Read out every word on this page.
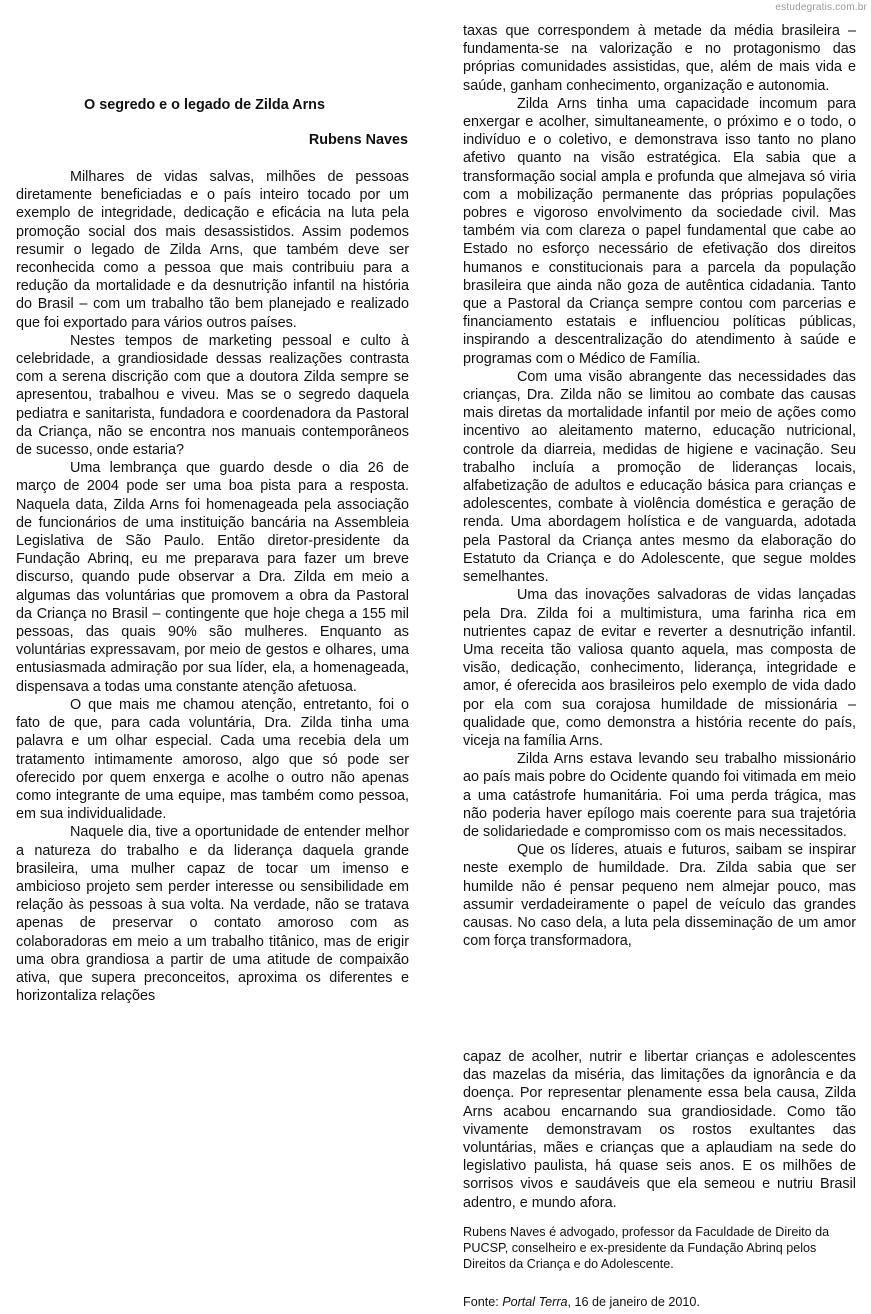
estudegratis.com.br
O segredo e o legado de Zilda Arns
Rubens Naves

Milhares de vidas salvas, milhões de pessoas diretamente beneficiadas e o país inteiro tocado por um exemplo de integridade, dedicação e eficácia na luta pela promoção social dos mais desassistidos. Assim podemos resumir o legado de Zilda Arns, que também deve ser reconhecida como a pessoa que mais contribuiu para a redução da mortalidade e da desnutrição infantil na história do Brasil – com um trabalho tão bem planejado e realizado que foi exportado para vários outros países.

Nestes tempos de marketing pessoal e culto à celebridade, a grandiosidade dessas realizações contrasta com a serena discrição com que a doutora Zilda sempre se apresentou, trabalhou e viveu. Mas se o segredo daquela pediatra e sanitarista, fundadora e coordenadora da Pastoral da Criança, não se encontra nos manuais contemporâneos de sucesso, onde estaria?

Uma lembrança que guardo desde o dia 26 de março de 2004 pode ser uma boa pista para a resposta. Naquela data, Zilda Arns foi homenageada pela associação de funcionários de uma instituição bancária na Assembleia Legislativa de São Paulo. Então diretor-presidente da Fundação Abrinq, eu me preparava para fazer um breve discurso, quando pude observar a Dra. Zilda em meio a algumas das voluntárias que promovem a obra da Pastoral da Criança no Brasil – contingente que hoje chega a 155 mil pessoas, das quais 90% são mulheres. Enquanto as voluntárias expressavam, por meio de gestos e olhares, uma entusiasmada admiração por sua líder, ela, a homenageada, dispensava a todas uma constante atenção afetuosa.

O que mais me chamou atenção, entretanto, foi o fato de que, para cada voluntária, Dra. Zilda tinha uma palavra e um olhar especial. Cada uma recebia dela um tratamento intimamente amoroso, algo que só pode ser oferecido por quem enxerga e acolhe o outro não apenas como integrante de uma equipe, mas também como pessoa, em sua individualidade.

Naquele dia, tive a oportunidade de entender melhor a natureza do trabalho e da liderança daquela grande brasileira, uma mulher capaz de tocar um imenso e ambicioso projeto sem perder interesse ou sensibilidade em relação às pessoas à sua volta. Na verdade, não se tratava apenas de preservar o contato amoroso com as colaboradoras em meio a um trabalho titânico, mas de erigir uma obra grandiosa a partir de uma atitude de compaixão ativa, que supera preconceitos, aproxima os diferentes e horizontaliza relações

taxas que correspondem à metade da média brasileira – fundamenta-se na valorização e no protagonismo das próprias comunidades assistidas, que, além de mais vida e saúde, ganham conhecimento, organização e autonomia.

Zilda Arns tinha uma capacidade incomum para enxergar e acolher, simultaneamente, o próximo e o todo, o indivíduo e o coletivo, e demonstrava isso tanto no plano afetivo quanto na visão estratégica. Ela sabia que a transformação social ampla e profunda que almejava só viria com a mobilização permanente das próprias populações pobres e vigoroso envolvimento da sociedade civil. Mas também via com clareza o papel fundamental que cabe ao Estado no esforço necessário de efetivação dos direitos humanos e constitucionais para a parcela da população brasileira que ainda não goza de autêntica cidadania. Tanto que a Pastoral da Criança sempre contou com parcerias e financiamento estatais e influenciou políticas públicas, inspirando a descentralização do atendimento à saúde e programas com o Médico de Família.

Com uma visão abrangente das necessidades das crianças, Dra. Zilda não se limitou ao combate das causas mais diretas da mortalidade infantil por meio de ações como incentivo ao aleitamento materno, educação nutricional, controle da diarreia, medidas de higiene e vacinação. Seu trabalho incluía a promoção de lideranças locais, alfabetização de adultos e educação básica para crianças e adolescentes, combate à violência doméstica e geração de renda. Uma abordagem holística e de vanguarda, adotada pela Pastoral da Criança antes mesmo da elaboração do Estatuto da Criança e do Adolescente, que segue moldes semelhantes.

Uma das inovações salvadoras de vidas lançadas pela Dra. Zilda foi a multimistura, uma farinha rica em nutrientes capaz de evitar e reverter a desnutrição infantil. Uma receita tão valiosa quanto aquela, mas composta de visão, dedicação, conhecimento, liderança, integridade e amor, é oferecida aos brasileiros pelo exemplo de vida dado por ela com sua corajosa humildade de missionária – qualidade que, como demonstra a história recente do país, viceja na família Arns.

Zilda Arns estava levando seu trabalho missionário ao país mais pobre do Ocidente quando foi vitimada em meio a uma catástrofe humanitária. Foi uma perda trágica, mas não poderia haver epílogo mais coerente para sua trajetória de solidariedade e compromisso com os mais necessitados.

Que os líderes, atuais e futuros, saibam se inspirar neste exemplo de humildade. Dra. Zilda sabia que ser humilde não é pensar pequeno nem almejar pouco, mas assumir verdadeiramente o papel de veículo das grandes causas. No caso dela, a luta pela disseminação de um amor com força transformadora,

capaz de acolher, nutrir e libertar crianças e adolescentes das mazelas da miséria, das limitações da ignorância e da doença. Por representar plenamente essa bela causa, Zilda Arns acabou encarnando sua grandiosidade. Como tão vivamente demonstravam os rostos exultantes das voluntárias, mães e crianças que a aplaudiam na sede do legislativo paulista, há quase seis anos. E os milhões de sorrisos vivos e saudáveis que ela semeou e nutriu Brasil adentro, e mundo afora.

Rubens Naves é advogado, professor da Faculdade de Direito da PUCSP, conselheiro e ex-presidente da Fundação Abrinq pelos Direitos da Criança e do Adolescente.
Fonte: Portal Terra, 16 de janeiro de 2010.
